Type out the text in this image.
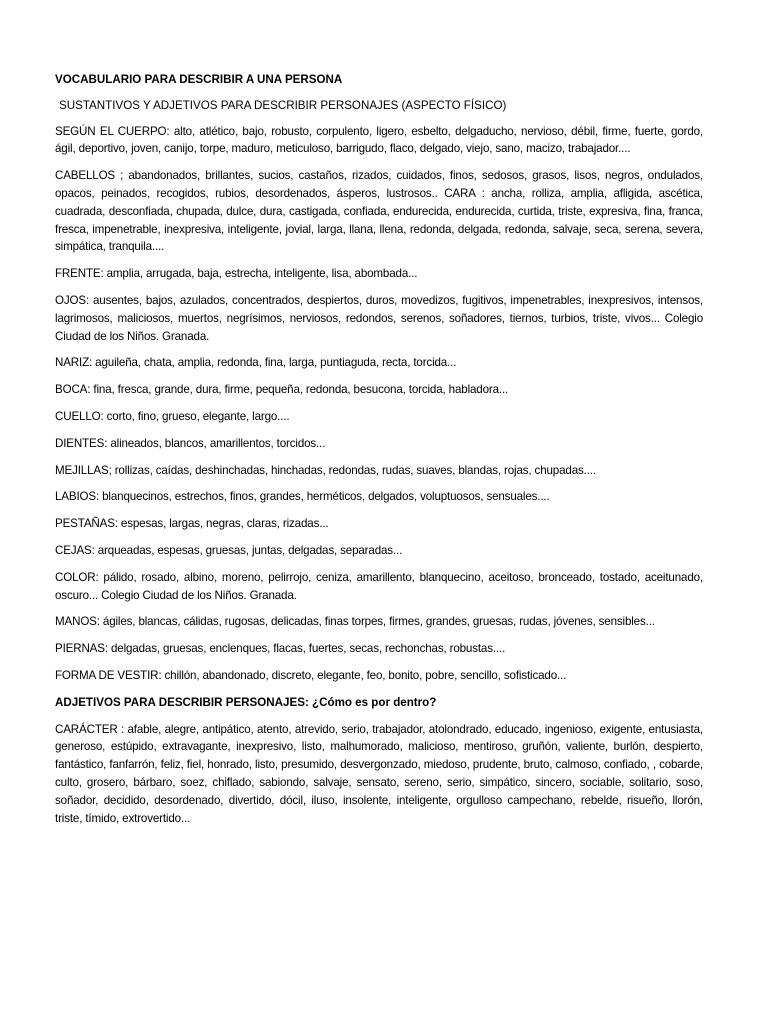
VOCABULARIO PARA DESCRIBIR A UNA PERSONA
SUSTANTIVOS Y ADJETIVOS PARA DESCRIBIR PERSONAJES (ASPECTO FÍSICO)

SEGÚN EL CUERPO: alto, atlético, bajo, robusto, corpulento, ligero, esbelto, delgaducho, nervioso, débil, firme, fuerte, gordo, ágil, deportivo, joven, canijo, torpe, maduro, meticuloso, barrigudo, flaco, delgado, viejo, sano, macizo, trabajador....

CABELLOS ; abandonados, brillantes, sucios, castaños, rizados, cuidados, finos, sedosos, grasos, lisos, negros, ondulados, opacos, peinados, recogidos, rubios, desordenados, ásperos, lustrosos.. CARA : ancha, rolliza, amplia, afligida, ascética, cuadrada, desconfiada, chupada, dulce, dura, castigada, confiada, endurecida, endurecida, curtida, triste, expresiva, fina, franca, fresca, impenetrable, inexpresiva, inteligente, jovial, larga, llana, llena, redonda, delgada, redonda, salvaje, seca, serena, severa, simpática, tranquila....

FRENTE: amplia, arrugada, baja, estrecha, inteligente, lisa, abombada...

OJOS: ausentes, bajos, azulados, concentrados, despiertos, duros, movedizos, fugitivos, impenetrables, inexpresivos, intensos, lagrimosos, maliciosos, muertos, negrísimos, nerviosos, redondos, serenos, soñadores, tiernos, turbios, triste, vivos... Colegio Ciudad de los Niños. Granada.

NARIZ: aguileña, chata, amplia, redonda, fina, larga, puntiaguda, recta, torcida...

BOCA: fina, fresca, grande, dura, firme, pequeña, redonda, besucona, torcida, habladora...

CUELLO: corto, fino, grueso, elegante, largo....

DIENTES: alineados, blancos, amarillentos, torcidos...

MEJILLAS; rollizas, caídas, deshinchadas, hinchadas, redondas, rudas, suaves, blandas, rojas, chupadas....

LABIOS: blanquecinos, estrechos, finos, grandes, herméticos, delgados, voluptuosos, sensuales....

PESTAÑAS: espesas, largas, negras, claras, rizadas...

CEJAS: arqueadas, espesas, gruesas, juntas, delgadas, separadas...

COLOR: pálido, rosado, albino, moreno, pelirrojo, ceniza, amarillento, blanquecino, aceitoso, bronceado, tostado, aceitunado, oscuro... Colegio Ciudad de los Niños. Granada.

MANOS: ágiles, blancas, cálidas, rugosas, delicadas, finas torpes, firmes, grandes, gruesas, rudas, jóvenes, sensibles...

PIERNAS: delgadas, gruesas, enclenques, flacas, fuertes, secas, rechonchas, robustas....

FORMA DE VESTIR: chillón, abandonado, discreto, elegante, feo, bonito, pobre, sencillo, sofisticado...

ADJETIVOS PARA DESCRIBIR PERSONAJES: ¿Cómo es por dentro?

CARÁCTER : afable, alegre, antipático, atento, atrevido, serio, trabajador, atolondrado, educado, ingenioso, exigente, entusiasta, generoso, estúpido, extravagante, inexpresivo, listo, malhumorado, malicioso, mentiroso, gruñón, valiente, burlón, despierto, fantástico, fanfarrón, feliz, fiel, honrado, listo, presumido, desvergonzado, miedoso, prudente, bruto, calmoso, confiado, , cobarde, culto, grosero, bárbaro, soez, chiflado, sabiondo, salvaje, sensato, sereno, serio, simpático, sincero, sociable, solitario, soso, soñador, decidido, desordenado, divertido, dócil, iluso, insolente, inteligente, orgulloso campechano, rebelde, risueño, llorón, triste, tímido, extrovertido...
